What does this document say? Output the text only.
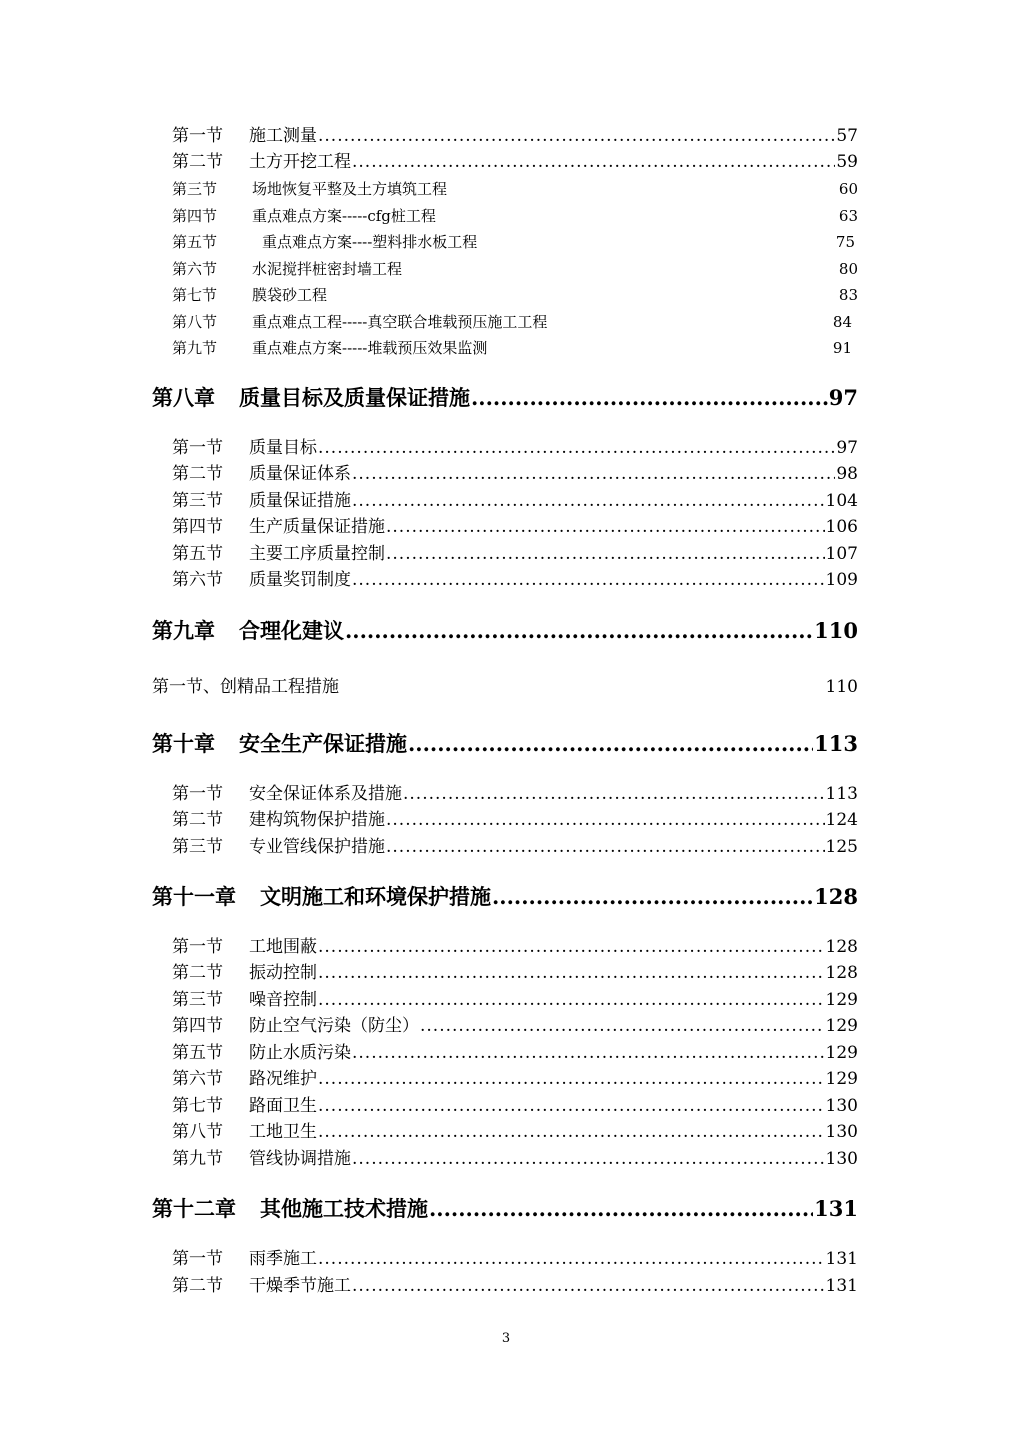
第一节	施工测量 .....	57
第二节	土方开挖工程 .....	59
第三节	场地恢复平整及土方填筑工程	60
第四节	重点难点方案-----cfg桩工程	63
第五节	重点难点方案----塑料排水板工程	75
第六节	水泥搅拌桩密封墙工程	80
第七节	膜袋砂工程	83
第八节	重点难点工程-----真空联合堆载预压施工工程	84
第九节	重点难点方案-----堆载预压效果监测	91
第八章 质量目标及质量保证措施 .....	97
第一节	质量目标 .....	97
第二节	质量保证体系 .....	98
第三节	质量保证措施 .....	104
第四节	生产质量保证措施 .....	106
第五节	主要工序质量控制 .....	107
第六节	质量奖罚制度 .....	109
第九章 合理化建议 .....	110
第一节、创精品工程措施	110
第十章 安全生产保证措施 .....	113
第一节	安全保证体系及措施 .....	113
第二节	建构筑物保护措施 .....	124
第三节	专业管线保护措施 .....	125
第十一章 文明施工和环境保护措施 .....	128
第一节	工地围蔽 .....	128
第二节	振动控制 .....	128
第三节	噪音控制 .....	129
第四节	防止空气污染（防尘） .....	129
第五节	防止水质污染 .....	129
第六节	路况维护 .....	129
第七节	路面卫生 .....	130
第八节	工地卫生 .....	130
第九节	管线协调措施 .....	130
第十二章 其他施工技术措施 .....	131
第一节	雨季施工 .....	131
第二节	干燥季节施工 .....	131
3
